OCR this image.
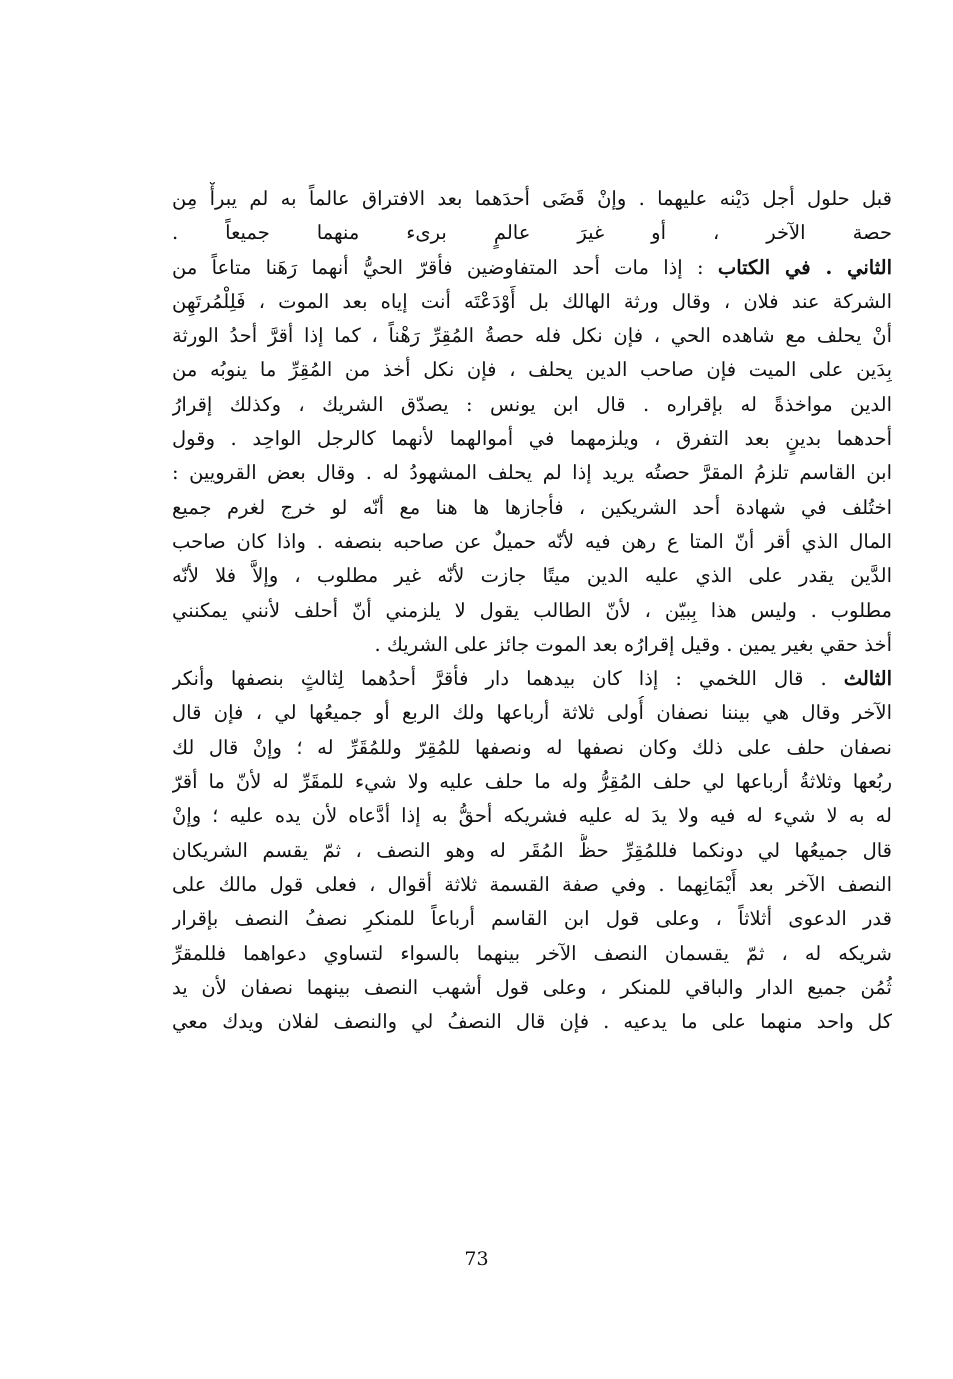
قبل حلول أجل دَيْنه عليهما . وإنْ قَضَى أحدَهما بعد الافتراق عالماً به لم يبرأْ مِن
حصة الآخر ، أو غيرَ عالمٍ برىء منهما جميعاً .
الثاني . في الكتاب : إذا مات أحد المتفاوضين فأقرّ الحيُّ أنهما رَهَنا متاعاً من
الشركة عند فلان ، وقال ورثة الهالك بل أَوْدَعْتَه أنت إياه بعد الموت ، فَلِلْمُرتَهِن
أنْ يحلف مع شاهده الحي ، فإن نكل فله حصةُ المُقِرِّ رَهْناً ، كما إذا أقرَّ أحدُ الورثة
بِدَين على الميت فإن صاحب الدين يحلف ، فإن نكل أخذ من المُقِرِّ ما ينوبُه من
الدين مواخذةً له بإقراره . قال ابن يونس : يصدّق الشريك ، وكذلك إقرارُ
أحدهما بدينٍ بعد التفرق ، ويلزمهما في أموالهما لأنهما كالرجل الواحِد . وقول
ابن القاسم تلزمُ المقرَّ حصتُه يريد إذا لم يحلف المشهودُ له . وقال بعض القرويين :
اختُلف في شهادة أحد الشريكين ، فأجازها ها هنا مع أنّه لو خرج لغرم جميع
المال الذي أقر أنّ المتا ع رهن فيه لأنّه حميلٌ عن صاحبه بنصفه . واذا كان صاحب
الدَّين يقدر على الذي عليه الدين ميتًا جازت لأنّه غير مطلوب ، وإلاَّ فلا لأنّه
مطلوب . وليس هذا بِبيّن ، لأنّ الطالب يقول لا يلزمني أنّ أحلف لأنني يمكنني
أخذ حقي بغير يمين . وقيل إقرارُه بعد الموت جائز على الشريك .
الثالث . قال اللخمي : إذا كان بيدهما دار فأقرَّ أحدُهما لِثالثٍ بنصفها وأنكر
الآخر وقال هي بيننا نصفان أُولى ثلاثة أرباعها ولك الربع أو جميعُها لي ، فإن قال
نصفان حلف على ذلك وكان نصفها له ونصفها للمُقِرّ وللمُقَرِّ له ؛ وإنْ قال لك
ربُعها وثلاثةُ أرباعها لي حلف المُقِرُّ وله ما حلف عليه ولا شيء للمقَرِّ له لأنّ ما أقرّ
له به لا شيء له فيه ولا يدَ له عليه فشريكه أحقُّ به إذا أدَّعاه لأن يده عليه ؛ وإنْ
قال جميعُها لي دونكما فللمُقِرِّ حظُّ المُقَر له وهو النصف ، ثمّ يقسم الشريكان
النصف الآخر بعد أَيْمَانِهما . وفي صفة القسمة ثلاثة أقوال ، فعلى قول مالك على
قدر الدعوى أثلاثاً ، وعلى قول ابن القاسم أرباعاً للمنكرِ نصفُ النصف بإقرار
شريكه له ، ثمّ يقسمان النصف الآخر بينهما بالسواء لتساوي دعواهما فللمقرِّ
ثُمُن جميع الدار والباقي للمنكر ، وعلى قول أشهب النصف بينهما نصفان لأن يد
كل واحد منهما على ما يدعيه . فإن قال النصفُ لي والنصف لفلان ويدك معي
73
